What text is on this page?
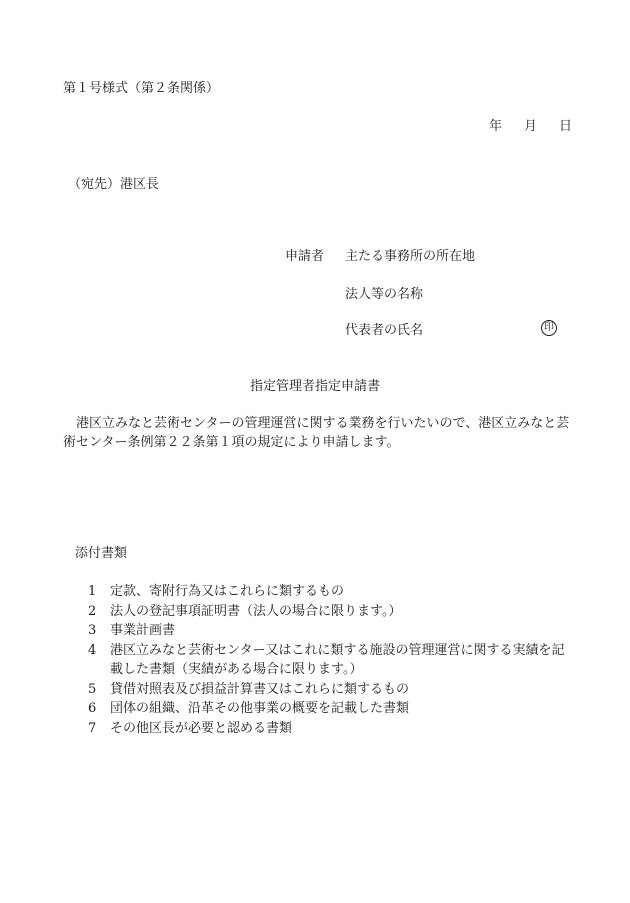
第１号様式（第２条関係）
年 月 日
（宛先）港区長
申請者 主たる事務所の所在地
法人等の名称
代表者の氏名	印
指定管理者指定申請書
港区立みなと芸術センターの管理運営に関する業務を行いたいので、港区立みなと芸術センター条例第２２条第１項の規定により申請します。
添付書類
1	定款、寄附行為又はこれらに類するもの
2	法人の登記事項証明書（法人の場合に限ります。）
3	事業計画書
4	港区立みなと芸術センター又はこれに類する施設の管理運営に関する実績を記載した書類（実績がある場合に限ります。）
5	貸借対照表及び損益計算書又はこれらに類するもの
6	団体の組織、沿革その他事業の概要を記載した書類
7	その他区長が必要と認める書類
